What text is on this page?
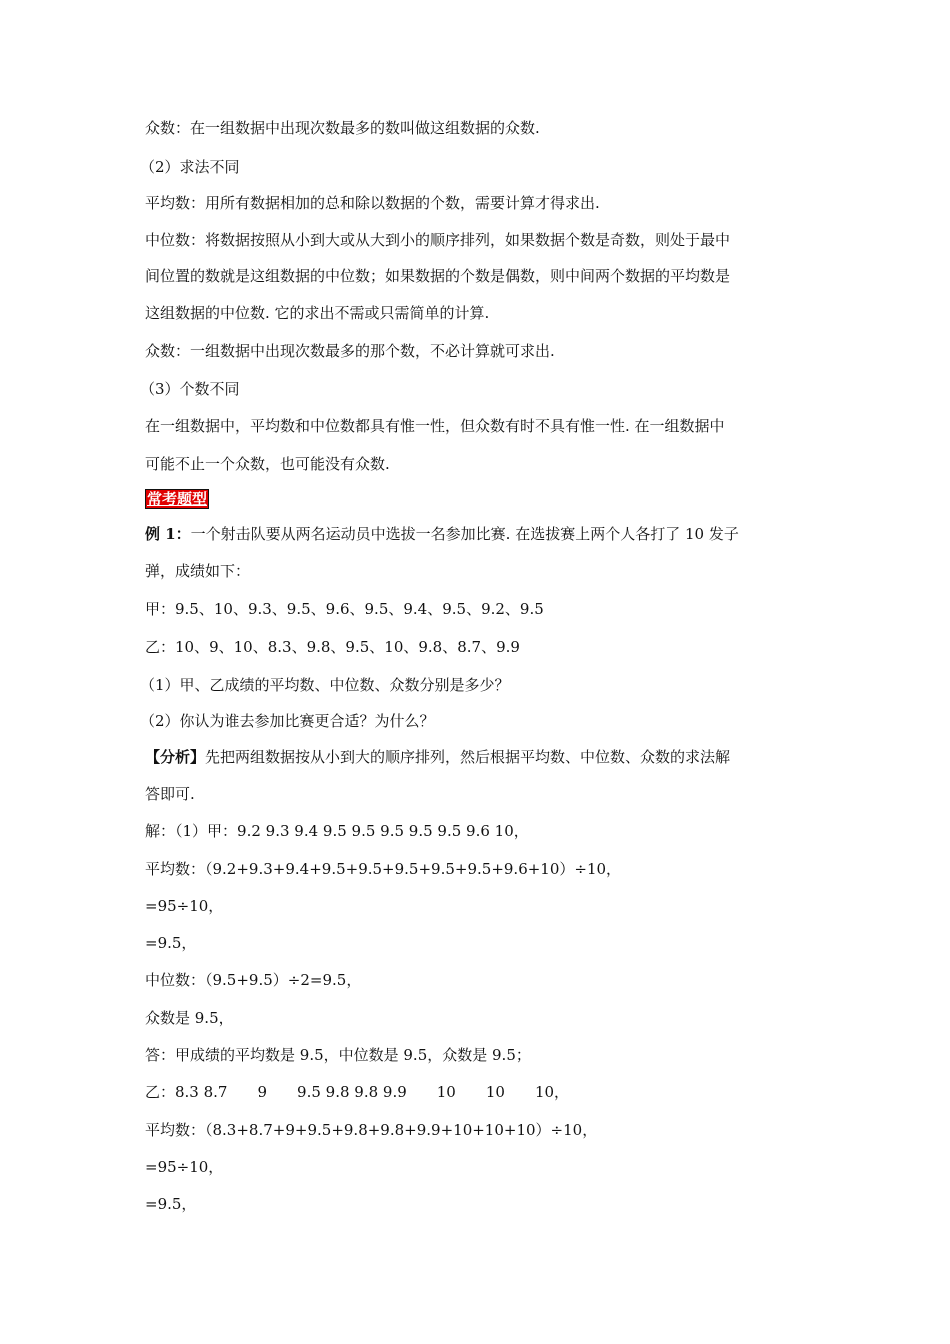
众数：在一组数据中出现次数最多的数叫做这组数据的众数.
（2）求法不同
平均数：用所有数据相加的总和除以数据的个数，需要计算才得求出.
中位数：将数据按照从小到大或从大到小的顺序排列，如果数据个数是奇数，则处于最中
间位置的数就是这组数据的中位数；如果数据的个数是偶数，则中间两个数据的平均数是
这组数据的中位数. 它的求出不需或只需简单的计算.
众数：一组数据中出现次数最多的那个数，不必计算就可求出.
（3）个数不同
在一组数据中，平均数和中位数都具有惟一性，但众数有时不具有惟一性. 在一组数据中
可能不止一个众数，也可能没有众数.
常考题型
例 1：一个射击队要从两名运动员中选拔一名参加比赛. 在选拔赛上两个人各打了 10 发子
弹，成绩如下：
甲：9.5、10、9.3、9.5、9.6、9.5、9.4、9.5、9.2、9.5
乙：10、9、10、8.3、9.8、9.5、10、9.8、8.7、9.9
（1）甲、乙成绩的平均数、中位数、众数分别是多少？
（2）你认为谁去参加比赛更合适？为什么？
【分析】先把两组数据按从小到大的顺序排列，然后根据平均数、中位数、众数的求法解
答即可.
解：（1）甲：9.2 9.3 9.4 9.5 9.5 9.5 9.5 9.5 9.6 10，
平均数：（9.2+9.3+9.4+9.5+9.5+9.5+9.5+9.5+9.6+10）÷10，
=95÷10，
=9.5，
中位数：（9.5+9.5）÷2=9.5，
众数是 9.5，
答：甲成绩的平均数是 9.5，中位数是 9.5，众数是 9.5；
乙：8.3 8.7 9 9.5 9.8 9.8 9.9 10 10 10，
平均数：（8.3+8.7+9+9.5+9.8+9.8+9.9+10+10+10）÷10，
=95÷10，
=9.5，
